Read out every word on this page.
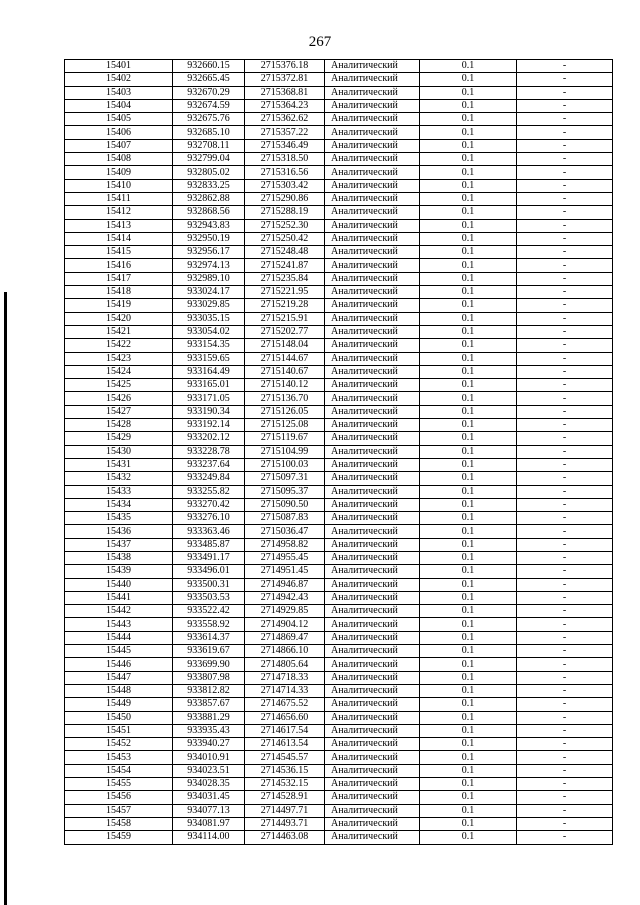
267
15401	932660.15	2715376.18	Аналитический	0.1	-
15402	932665.45	2715372.81	Аналитический	0.1	-
15403	932670.29	2715368.81	Аналитический	0.1	-
15404	932674.59	2715364.23	Аналитический	0.1	-
15405	932675.76	2715362.62	Аналитический	0.1	-
15406	932685.10	2715357.22	Аналитический	0.1	-
15407	932708.11	2715346.49	Аналитический	0.1	-
15408	932799.04	2715318.50	Аналитический	0.1	-
15409	932805.02	2715316.56	Аналитический	0.1	-
15410	932833.25	2715303.42	Аналитический	0.1	-
15411	932862.88	2715290.86	Аналитический	0.1	-
15412	932868.56	2715288.19	Аналитический	0.1	-
15413	932943.83	2715252.30	Аналитический	0.1	-
15414	932950.19	2715250.42	Аналитический	0.1	-
15415	932956.17	2715248.48	Аналитический	0.1	-
15416	932974.13	2715241.87	Аналитический	0.1	-
15417	932989.10	2715235.84	Аналитический	0.1	-
15418	933024.17	2715221.95	Аналитический	0.1	-
15419	933029.85	2715219.28	Аналитический	0.1	-
15420	933035.15	2715215.91	Аналитический	0.1	-
15421	933054.02	2715202.77	Аналитический	0.1	-
15422	933154.35	2715148.04	Аналитический	0.1	-
15423	933159.65	2715144.67	Аналитический	0.1	-
15424	933164.49	2715140.67	Аналитический	0.1	-
15425	933165.01	2715140.12	Аналитический	0.1	-
15426	933171.05	2715136.70	Аналитический	0.1	-
15427	933190.34	2715126.05	Аналитический	0.1	-
15428	933192.14	2715125.08	Аналитический	0.1	-
15429	933202.12	2715119.67	Аналитический	0.1	-
15430	933228.78	2715104.99	Аналитический	0.1	-
15431	933237.64	2715100.03	Аналитический	0.1	-
15432	933249.84	2715097.31	Аналитический	0.1	-
15433	933255.82	2715095.37	Аналитический	0.1	-
15434	933270.42	2715090.50	Аналитический	0.1	-
15435	933276.10	2715087.83	Аналитический	0.1	-
15436	933363.46	2715036.47	Аналитический	0.1	-
15437	933485.87	2714958.82	Аналитический	0.1	-
15438	933491.17	2714955.45	Аналитический	0.1	-
15439	933496.01	2714951.45	Аналитический	0.1	-
15440	933500.31	2714946.87	Аналитический	0.1	-
15441	933503.53	2714942.43	Аналитический	0.1	-
15442	933522.42	2714929.85	Аналитический	0.1	-
15443	933558.92	2714904.12	Аналитический	0.1	-
15444	933614.37	2714869.47	Аналитический	0.1	-
15445	933619.67	2714866.10	Аналитический	0.1	-
15446	933699.90	2714805.64	Аналитический	0.1	-
15447	933807.98	2714718.33	Аналитический	0.1	-
15448	933812.82	2714714.33	Аналитический	0.1	-
15449	933857.67	2714675.52	Аналитический	0.1	-
15450	933881.29	2714656.60	Аналитический	0.1	-
15451	933935.43	2714617.54	Аналитический	0.1	-
15452	933940.27	2714613.54	Аналитический	0.1	-
15453	934010.91	2714545.57	Аналитический	0.1	-
15454	934023.51	2714536.15	Аналитический	0.1	-
15455	934028.35	2714532.15	Аналитический	0.1	-
15456	934031.45	2714528.91	Аналитический	0.1	-
15457	934077.13	2714497.71	Аналитический	0.1	-
15458	934081.97	2714493.71	Аналитический	0.1	-
15459	934114.00	2714463.08	Аналитический	0.1	-
